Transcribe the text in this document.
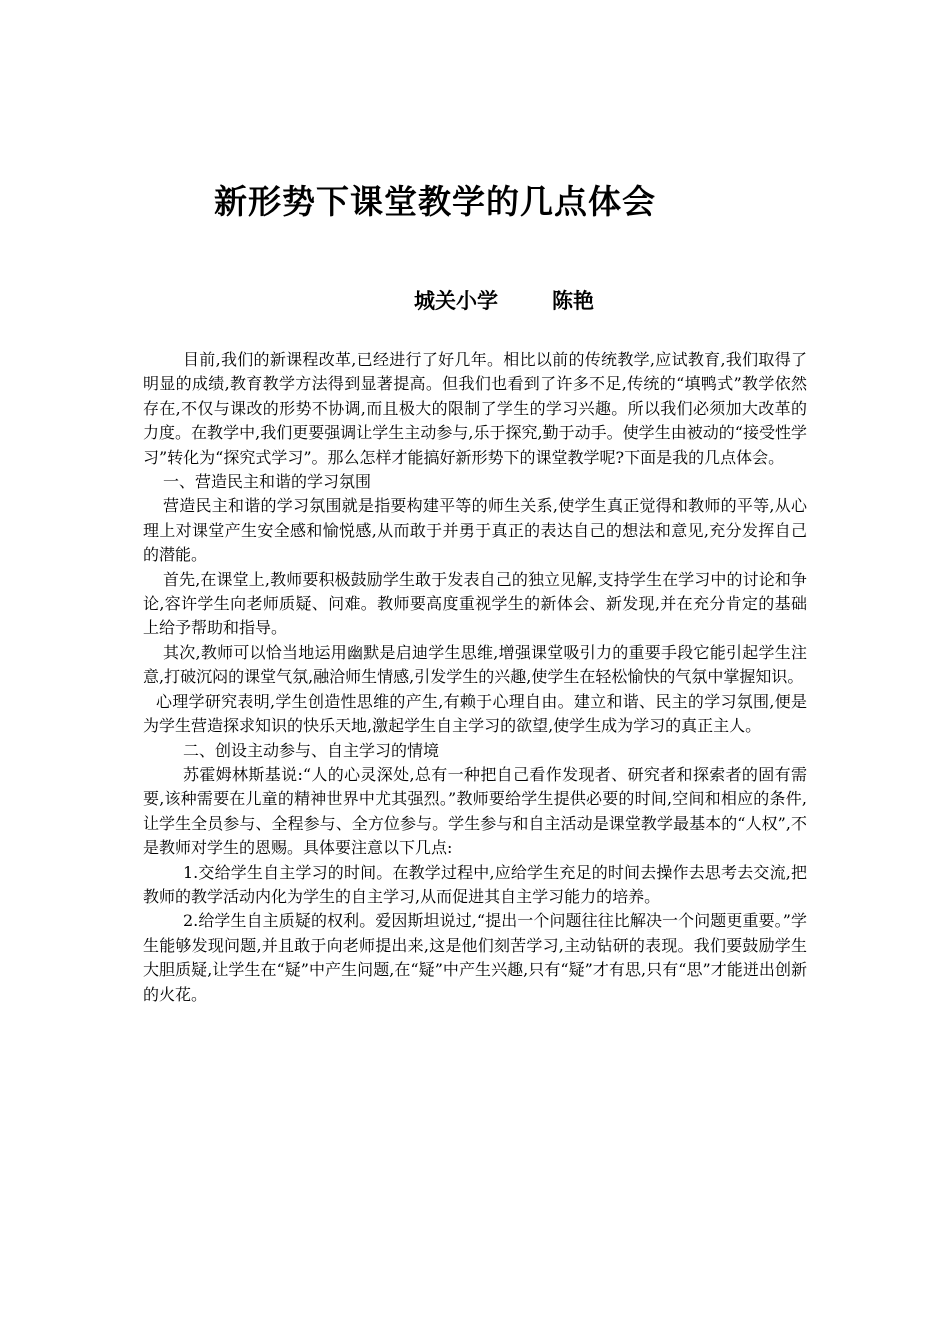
新形势下课堂教学的几点体会
城关小学	陈艳

目前,我们的新课程改革,已经进行了好几年。相比以前的传统教学,应试教育,我们取得了明显的成绩,教育教学方法得到显著提高。但我们也看到了许多不足,传统的“填鸭式”教学依然存在,不仅与课改的形势不协调,而且极大的限制了学生的学习兴趣。所以我们必须加大改革的力度。在教学中,我们更要强调让学生主动参与,乐于探究,勤于动手。使学生由被动的“接受性学习”转化为“探究式学习”。那么怎样才能搞好新形势下的课堂教学呢?下面是我的几点体会。

一、营造民主和谐的学习氛围

营造民主和谐的学习氛围就是指要构建平等的师生关系,使学生真正觉得和教师的平等,从心理上对课堂产生安全感和愉悦感,从而敢于并勇于真正的表达自己的想法和意见,充分发挥自己的潜能。

首先,在课堂上,教师要积极鼓励学生敢于发表自己的独立见解,支持学生在学习中的讨论和争论,容许学生向老师质疑、问难。教师要高度重视学生的新体会、新发现,并在充分肯定的基础上给予帮助和指导。

其次,教师可以恰当地运用幽默是启迪学生思维,增强课堂吸引力的重要手段它能引起学生注意,打破沉闷的课堂气氛,融洽师生情感,引发学生的兴趣,使学生在轻松愉快的气氛中掌握知识。

心理学研究表明,学生创造性思维的产生,有赖于心理自由。建立和谐、民主的学习氛围,便是为学生营造探求知识的快乐天地,激起学生自主学习的欲望,使学生成为学习的真正主人。

二、创设主动参与、自主学习的情境

苏霍姆林斯基说:“人的心灵深处,总有一种把自己看作发现者、研究者和探索者的固有需要,该种需要在儿童的精神世界中尤其强烈。”教师要给学生提供必要的时间,空间和相应的条件,让学生全员参与、全程参与、全方位参与。学生参与和自主活动是课堂教学最基本的“人权”,不是教师对学生的恩赐。具体要注意以下几点:

1.交给学生自主学习的时间。在教学过程中,应给学生充足的时间去操作去思考去交流,把教师的教学活动内化为学生的自主学习,从而促进其自主学习能力的培养。

2.给学生自主质疑的权利。爱因斯坦说过,“提出一个问题往往比解决一个问题更重要。”学生能够发现问题,并且敢于向老师提出来,这是他们刻苦学习,主动钻研的表现。我们要鼓励学生大胆质疑,让学生在“疑”中产生问题,在“疑”中产生兴趣,只有“疑”才有思,只有“思”才能迸出创新的火花。
